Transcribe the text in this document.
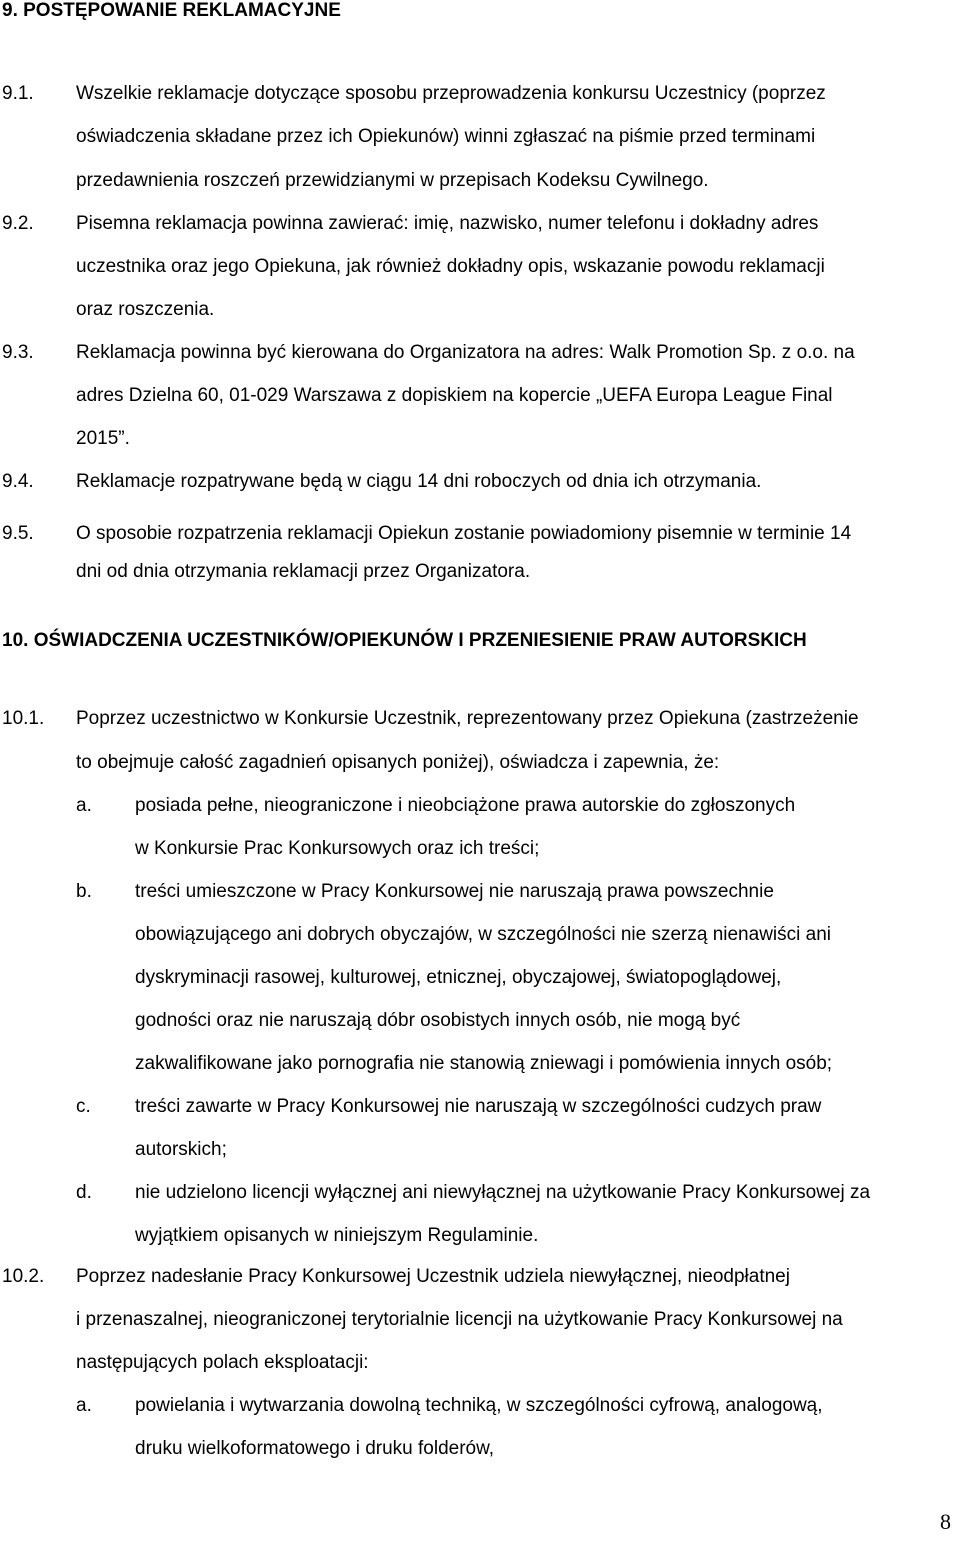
9. POSTĘPOWANIE REKLAMACYJNE
9.1. Wszelkie reklamacje dotyczące sposobu przeprowadzenia konkursu Uczestnicy (poprzez
oświadczenia składane przez ich Opiekunów) winni zgłaszać na piśmie przed terminami
przedawnienia roszczeń przewidzianymi w przepisach Kodeksu Cywilnego.
9.2. Pisemna reklamacja powinna zawierać: imię, nazwisko, numer telefonu i dokładny adres
uczestnika oraz jego Opiekuna, jak również dokładny opis, wskazanie powodu reklamacji
oraz roszczenia.
9.3. Reklamacja powinna być kierowana do Organizatora na adres: Walk Promotion Sp. z o.o. na
adres Dzielna 60, 01-029 Warszawa z dopiskiem na kopercie „UEFA Europa League Final
2015”.
9.4. Reklamacje rozpatrywane będą w ciągu 14 dni roboczych od dnia ich otrzymania.
9.5. O sposobie rozpatrzenia reklamacji Opiekun zostanie powiadomiony pisemnie w terminie 14
dni od dnia otrzymania reklamacji przez Organizatora.
10. OŚWIADCZENIA UCZESTNIKÓW/OPIEKUNÓW I PRZENIESIENIE PRAW AUTORSKICH
10.1. Poprzez uczestnictwo w Konkursie Uczestnik, reprezentowany przez Opiekuna (zastrzeżenie
to obejmuje całość zagadnień opisanych poniżej), oświadcza i zapewnia, że:
a. posiada pełne, nieograniczone i nieobciążone prawa autorskie do zgłoszonych
w Konkursie Prac Konkursowych oraz ich treści;
b. treści umieszczone w Pracy Konkursowej nie naruszają prawa powszechnie
obowiązującego ani dobrych obyczajów, w szczególności nie szerzą nienawiści ani
dyskryminacji rasowej, kulturowej, etnicznej, obyczajowej, światopoglądowej,
godności oraz nie naruszają dóbr osobistych innych osób, nie mogą być
zakwalifikowane jako pornografia nie stanowią zniewagi i pomówienia innych osób;
c. treści zawarte w Pracy Konkursowej nie naruszają w szczególności cudzych praw
autorskich;
d. nie udzielono licencji wyłącznej ani niewyłącznej na użytkowanie Pracy Konkursowej za
wyjątkiem opisanych w niniejszym Regulaminie.
10.2. Poprzez nadesłanie Pracy Konkursowej Uczestnik udziela niewyłącznej, nieodpłatnej
i przenaszalnej, nieograniczonej terytorialnie licencji na użytkowanie Pracy Konkursowej na
następujących polach eksploatacji:
a. powielania i wytwarzania dowolną techniką, w szczególności cyfrową, analogową,
druku wielkoformatowego i druku folderów,
8
